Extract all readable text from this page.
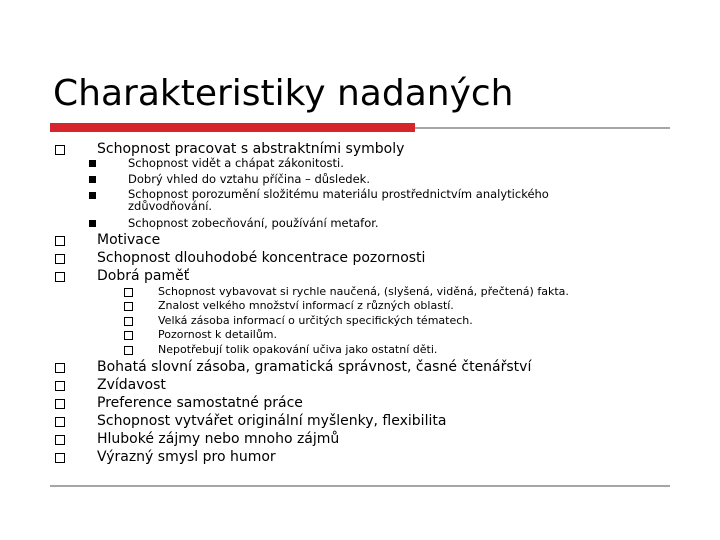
Charakteristiky nadaných
Schopnost pracovat s abstraktními symboly
Schopnost vidět a chápat zákonitosti.
Dobrý vhled do vztahu příčina – důsledek.
Schopnost porozumění složitému materiálu prostřednictvím analytického zdůvodňování.
Schopnost zobecňování, používání metafor.
Motivace
Schopnost dlouhodobé koncentrace pozornosti
Dobrá paměť
Schopnost vybavovat si rychle naučená, (slyšená, viděná, přečtená) fakta.
Znalost velkého množství informací z různých oblastí.
Velká zásoba informací o určitých specifických tématech.
Pozornost k detailům.
Nepotřebují tolik opakování učiva jako ostatní děti.
Bohatá slovní zásoba, gramatická správnost, časné čtenářství
Zvídavost
Preference samostatné práce
Schopnost vytvářet originální myšlenky, flexibilita
Hluboké zájmy nebo mnoho zájmů
Výrazný smysl pro humor
